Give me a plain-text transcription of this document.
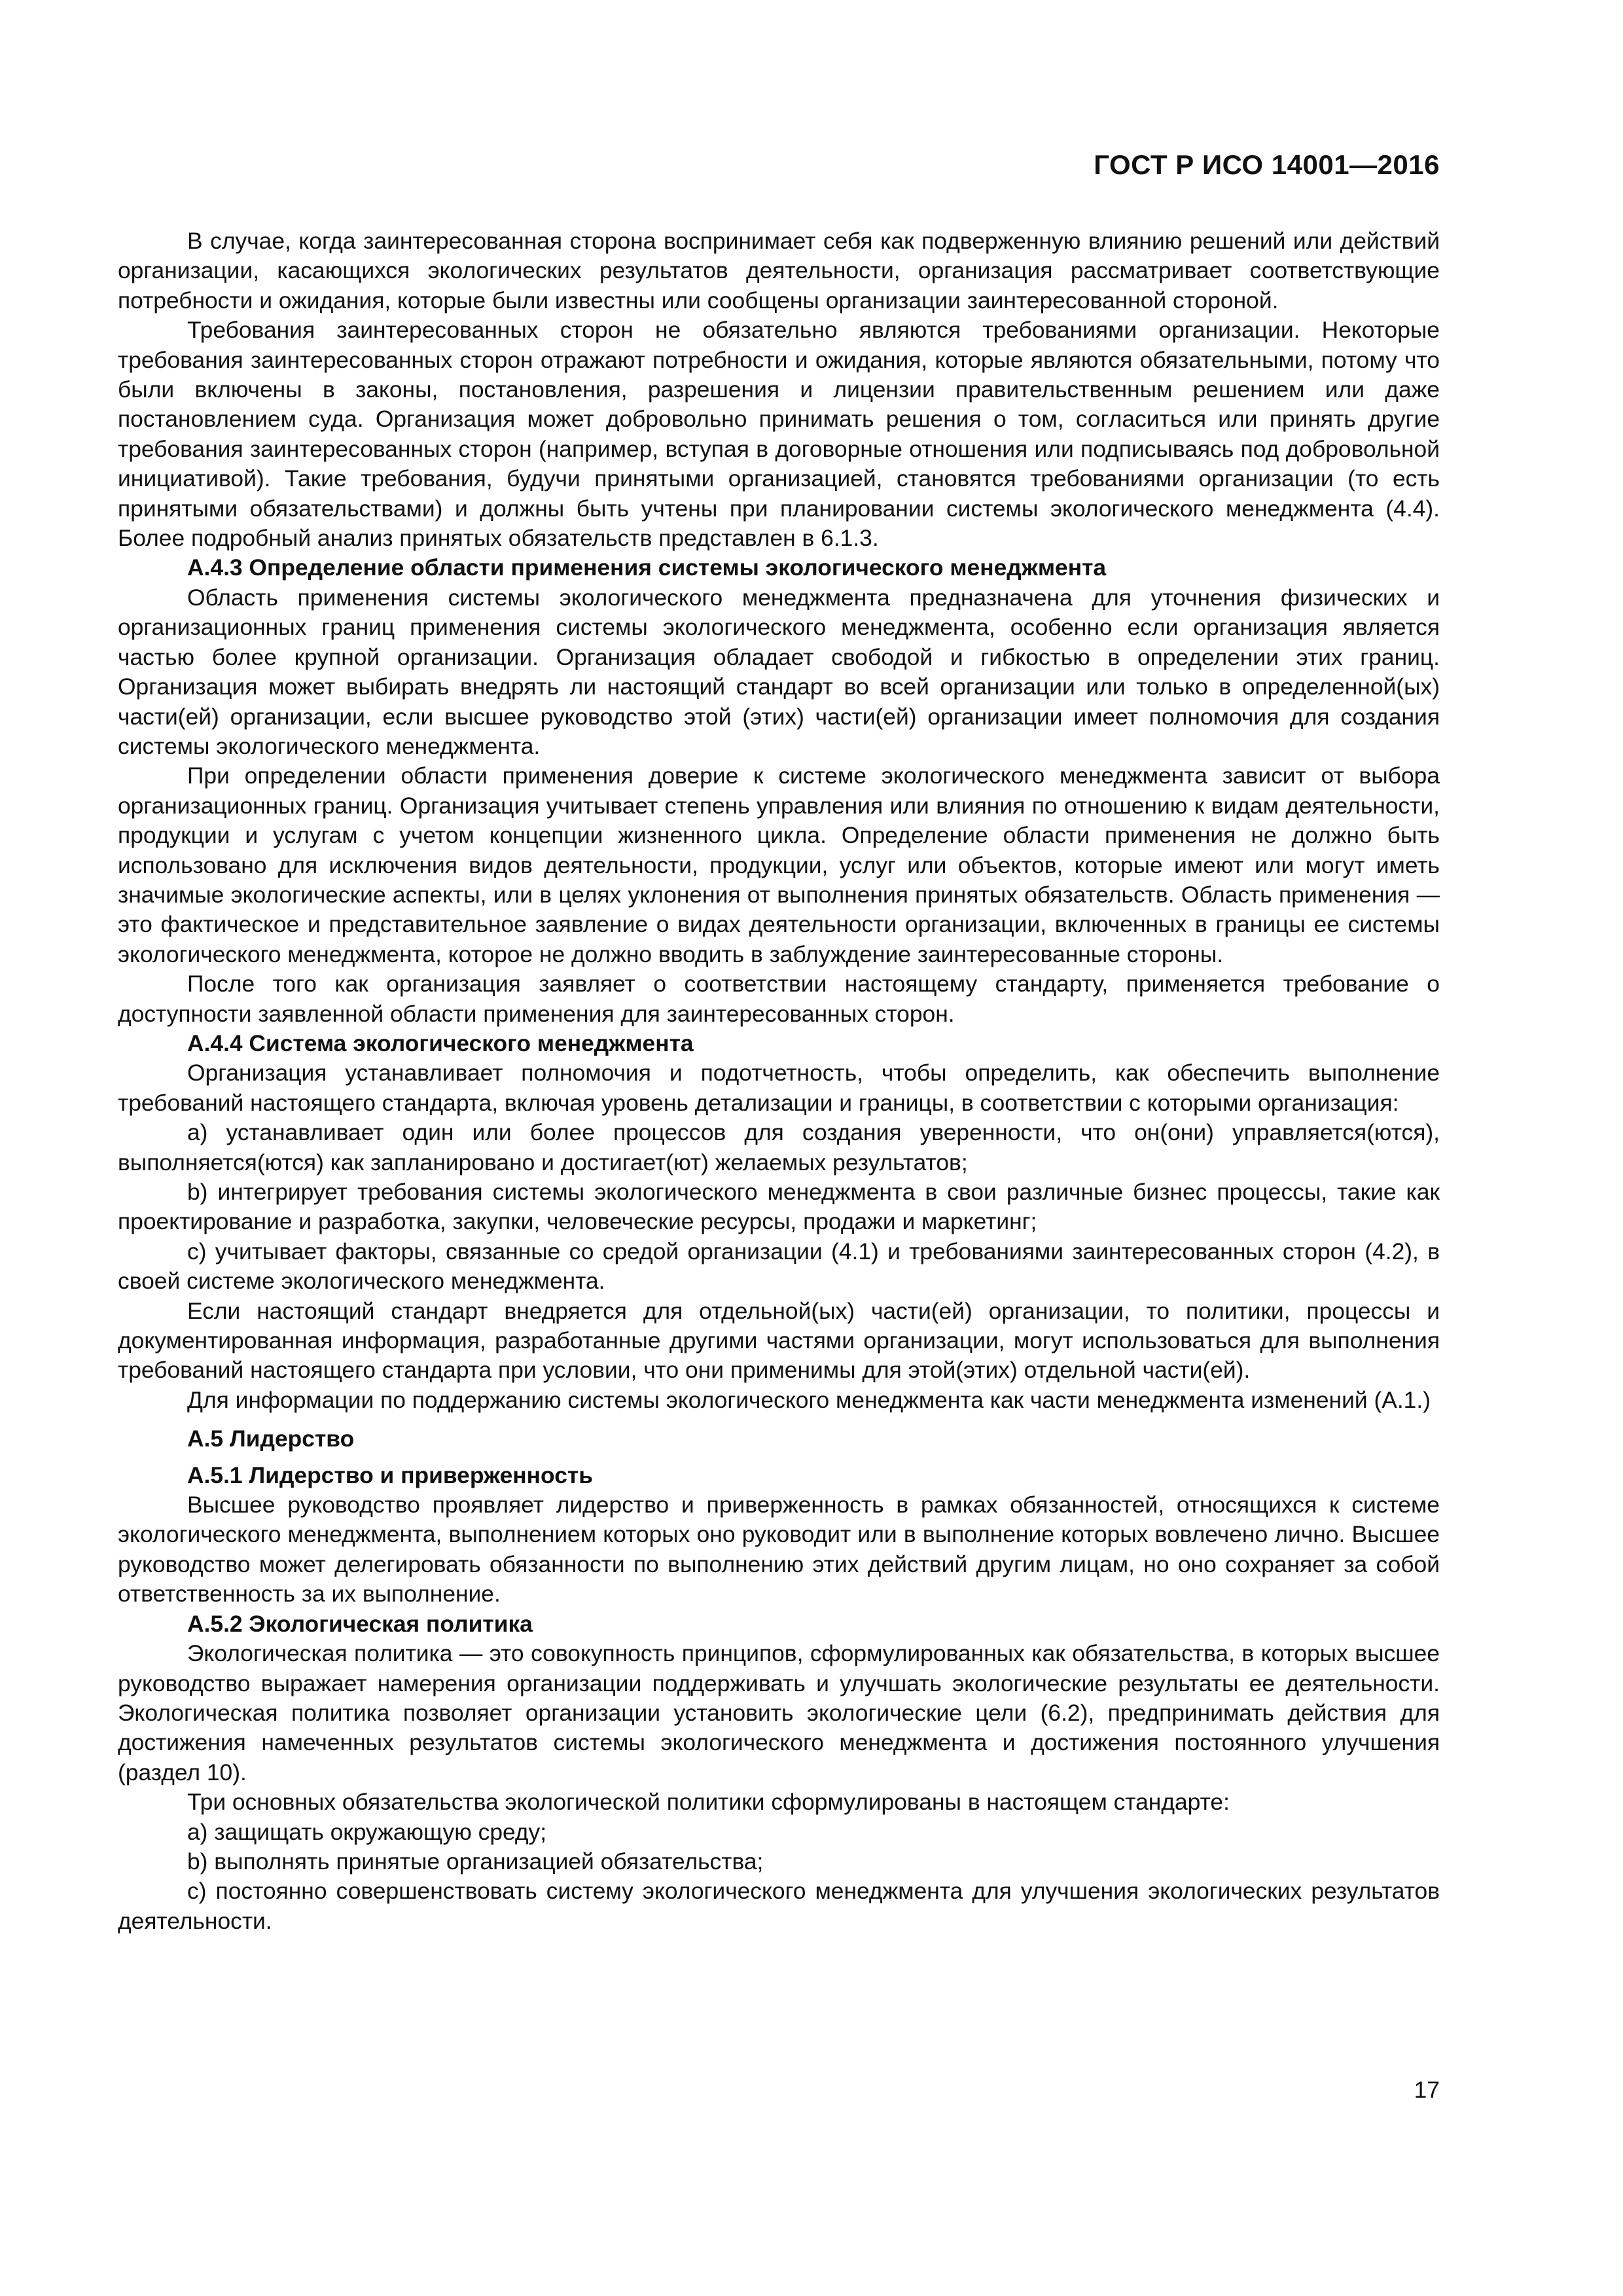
ГОСТ Р ИСО 14001—2016

В случае, когда заинтересованная сторона воспринимает себя как подверженную влиянию решений или действий организации, касающихся экологических результатов деятельности, организация рассматривает соответствующие потребности и ожидания, которые были известны или сообщены организации заинтересованной стороной.

Требования заинтересованных сторон не обязательно являются требованиями организации. Некоторые требования заинтересованных сторон отражают потребности и ожидания, которые являются обязательными, потому что были включены в законы, постановления, разрешения и лицензии правительственным решением или даже постановлением суда. Организация может добровольно принимать решения о том, согласиться или принять другие требования заинтересованных сторон (например, вступая в договорные отношения или подписываясь под добровольной инициативой). Такие требования, будучи принятыми организацией, становятся требованиями организации (то есть принятыми обязательствами) и должны быть учтены при планировании системы экологического менеджмента (4.4). Более подробный анализ принятых обязательств представлен в 6.1.3.

А.4.3 Определение области применения системы экологического менеджмента

Область применения системы экологического менеджмента предназначена для уточнения физических и организационных границ применения системы экологического менеджмента, особенно если организация является частью более крупной организации. Организация обладает свободой и гибкостью в определении этих границ. Организация может выбирать внедрять ли настоящий стандарт во всей организации или только в определенной(ых) части(ей) организации, если высшее руководство этой (этих) части(ей) организации имеет полномочия для создания системы экологического менеджмента.

При определении области применения доверие к системе экологического менеджмента зависит от выбора организационных границ. Организация учитывает степень управления или влияния по отношению к видам деятельности, продукции и услугам с учетом концепции жизненного цикла. Определение области применения не должно быть использовано для исключения видов деятельности, продукции, услуг или объектов, которые имеют или могут иметь значимые экологические аспекты, или в целях уклонения от выполнения принятых обязательств. Область применения — это фактическое и представительное заявление о видах деятельности организации, включенных в границы ее системы экологического менеджмента, которое не должно вводить в заблуждение заинтересованные стороны.

После того как организация заявляет о соответствии настоящему стандарту, применяется требование о доступности заявленной области применения для заинтересованных сторон.

А.4.4 Система экологического менеджмента

Организация устанавливает полномочия и подотчетность, чтобы определить, как обеспечить выполнение требований настоящего стандарта, включая уровень детализации и границы, в соответствии с которыми организация:

a) устанавливает один или более процессов для создания уверенности, что он(они) управляется(ются), выполняется(ются) как запланировано и достигает(ют) желаемых результатов;

b) интегрирует требования системы экологического менеджмента в свои различные бизнес процессы, такие как проектирование и разработка, закупки, человеческие ресурсы, продажи и маркетинг;

c) учитывает факторы, связанные со средой организации (4.1) и требованиями заинтересованных сторон (4.2), в своей системе экологического менеджмента.

Если настоящий стандарт внедряется для отдельной(ых) части(ей) организации, то политики, процессы и документированная информация, разработанные другими частями организации, могут использоваться для выполнения требований настоящего стандарта при условии, что они применимы для этой(этих) отдельной части(ей).

Для информации по поддержанию системы экологического менеджмента как части менеджмента изменений (А.1.)

А.5 Лидерство
А.5.1 Лидерство и приверженность

Высшее руководство проявляет лидерство и приверженность в рамках обязанностей, относящихся к системе экологического менеджмента, выполнением которых оно руководит или в выполнение которых вовлечено лично. Высшее руководство может делегировать обязанности по выполнению этих действий другим лицам, но оно сохраняет за собой ответственность за их выполнение.

А.5.2 Экологическая политика

Экологическая политика — это совокупность принципов, сформулированных как обязательства, в которых высшее руководство выражает намерения организации поддерживать и улучшать экологические результаты ее деятельности. Экологическая политика позволяет организации установить экологические цели (6.2), предпринимать действия для достижения намеченных результатов системы экологического менеджмента и достижения постоянного улучшения (раздел 10).

Три основных обязательства экологической политики сформулированы в настоящем стандарте:

a) защищать окружающую среду;

b) выполнять принятые организацией обязательства;

c) постоянно совершенствовать систему экологического менеджмента для улучшения экологических результатов деятельности.

17
